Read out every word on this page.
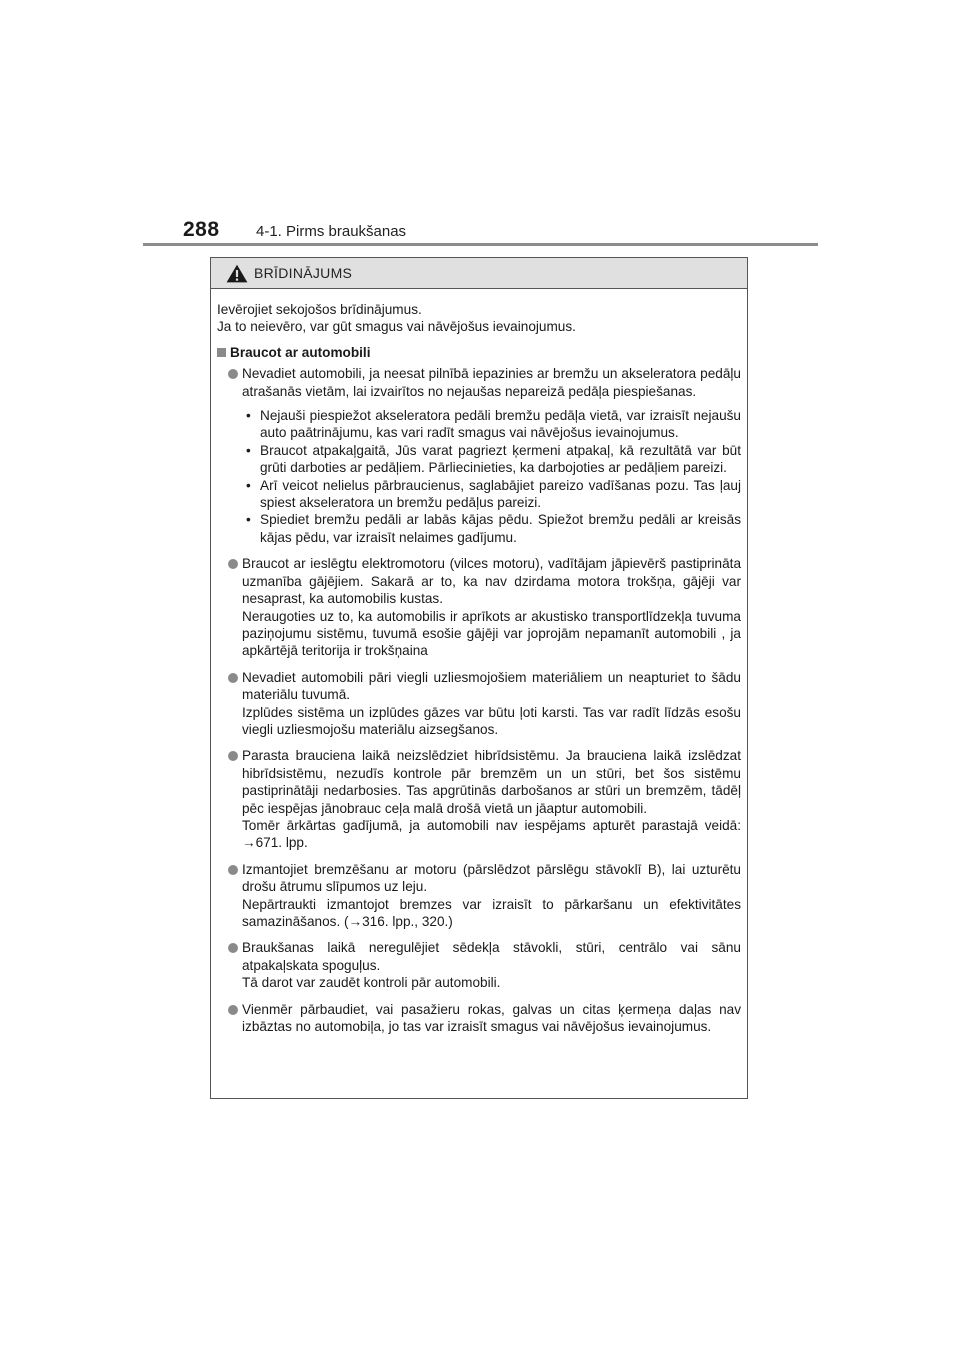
288 4-1. Pirms braukšanas
BRĪDINĀJUMS

Ievērojiet sekojošos brīdinājumus.

Ja to neievēro, var gūt smagus vai nāvējošus ievainojumus.

Braucot ar automobili

Nevadiet automobili, ja neesat pilnībā iepazinies ar bremžu un akseleratora pedāļu atrašanās vietām, lai izvairītos no nejaušas nepareizā pedāļa piespiešanas.

• Nejauši piespiežot akseleratora pedāli bremžu pedāļa vietā, var izraisīt nejaušu auto paātrinājumu, kas vari radīt smagus vai nāvējošus ievainojumus.
• Braucot atpakaļgaitā, Jūs varat pagriezt ķermeni atpakaļ, kā rezultātā var būt grūti darboties ar pedāļiem. Pārliecinieties, ka darbojoties ar pedāļiem pareizi.
• Arī veicot nelielus pārbraucienus, saglabājiet pareizo vadīšanas pozu. Tas ļauj spiest akseleratora un bremžu pedāļus pareizi.
• Spiediet bremžu pedāli ar labās kājas pēdu. Spiežot bremžu pedāli ar kreisās kājas pēdu, var izraisīt nelaimes gadījumu.

Braucot ar ieslēgtu elektromotoru (vilces motoru), vadītājam jāpievērš pastiprināta uzmanība gājējiem. Sakarā ar to, ka nav dzirdama motora trokšņa, gājēji var nesaprast, ka automobilis kustas.

Neraugoties uz to, ka automobilis ir aprīkots ar akustisko transportlīdzekļa tuvuma paziņojumu sistēmu, tuvumā esošie gājēji var joprojām nepamanīt automobili , ja apkārtējā teritorija ir trokšņaina

Nevadiet automobili pāri viegli uzliesmojošiem materiāliem un neapturiet to šādu materiālu tuvumā.

Izplūdes sistēma un izplūdes gāzes var būtu ļoti karsti. Tas var radīt līdzās esošu viegli uzliesmojošu materiālu aizsegšanos.

Parasta brauciena laikā neizslēdziet hibrīdsistēmu. Ja brauciena laikā izslēdzat hibrīdsistēmu, nezudīs kontrole pār bremzēm un un stūri, bet šos sistēmu pastiprinātāji nedarbosies. Tas apgrūtinās darbošanos ar stūri un bremzēm, tādēļ pēc iespējas jānobrauc ceļa malā drošā vietā un jāaptur automobili.

Tomēr ārkārtas gadījumā, ja automobili nav iespējams apturēt parastajā veidā: →671. lpp.

Izmantojiet bremzēšanu ar motoru (pārslēdzot pārslēgu stāvoklī B), lai uzturētu drošu ātrumu slīpumos uz leju.

Nepārtraukti izmantojot bremzes var izraisīt to pārkaršanu un efektivitātes samazināšanos. (→316. lpp., 320.)

Braukšanas laikā neregulējiet sēdekļa stāvokli, stūri, centrālo vai sānu atpakaļskata spoguļus.

Tā darot var zaudēt kontroli pār automobili.

Vienmēr pārbaudiet, vai pasažieru rokas, galvas un citas ķermeņa daļas nav izbāztas no automobiļa, jo tas var izraisīt smagus vai nāvējošus ievainojumus.
